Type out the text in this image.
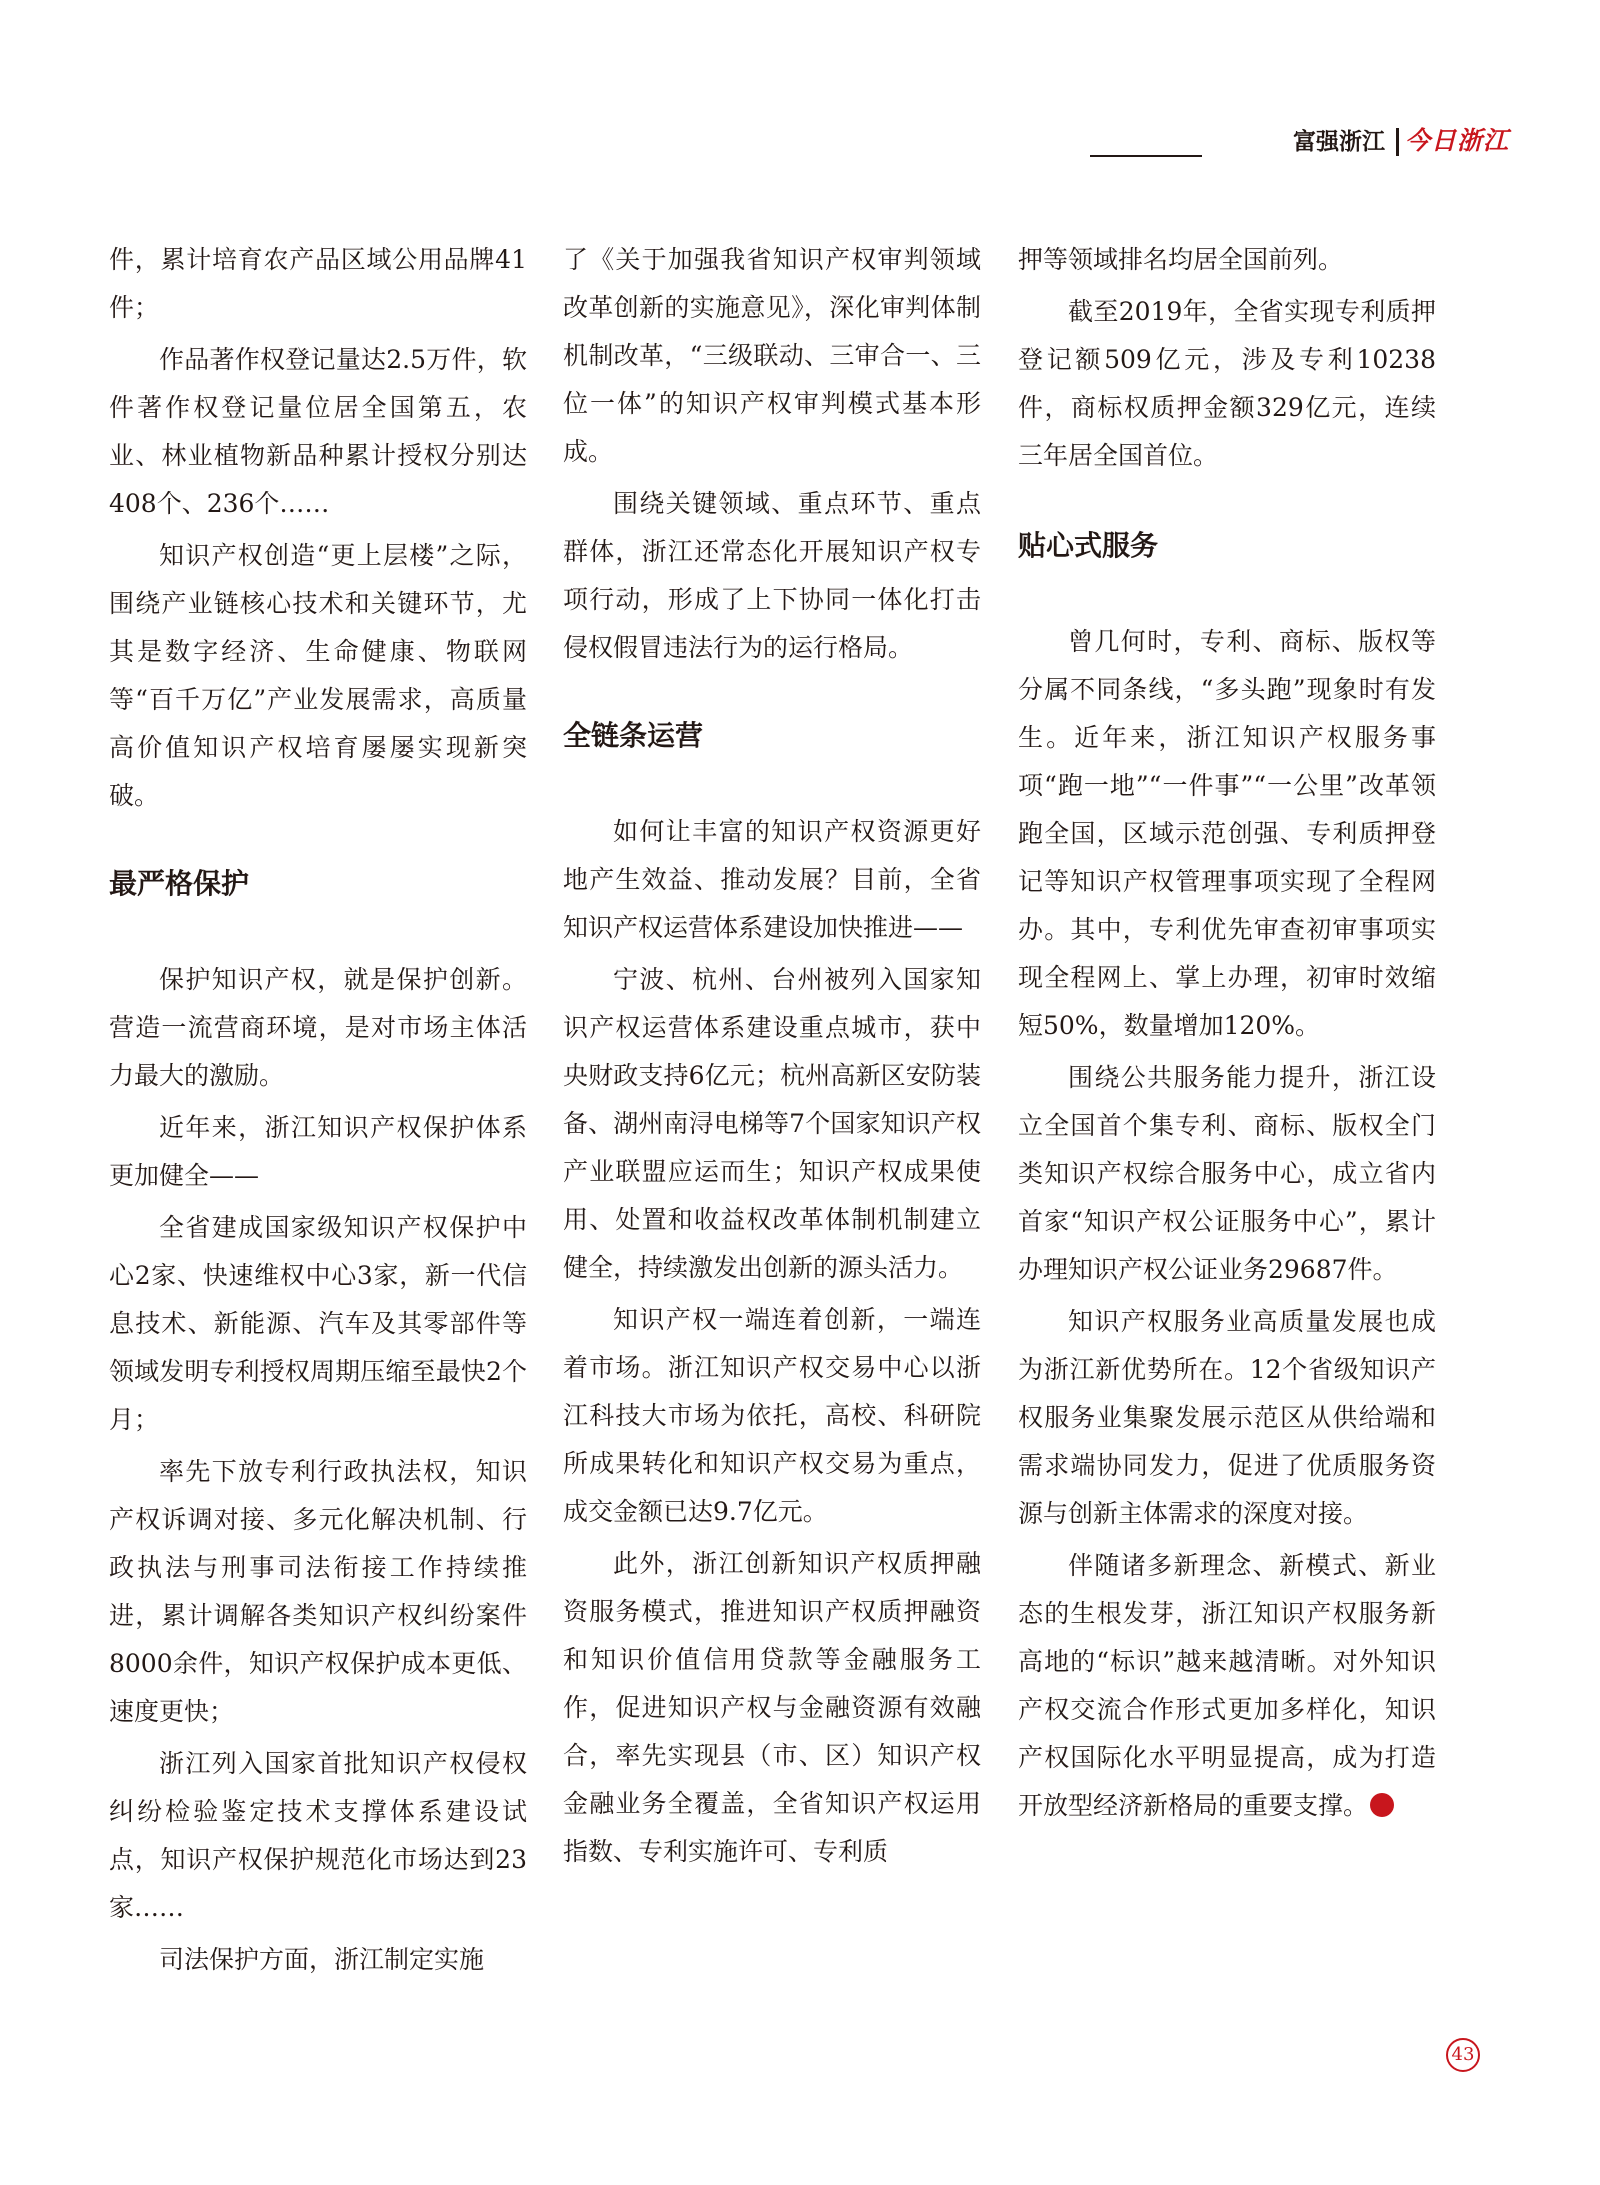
富强浙江 今日浙江

件，累计培育农产品区域公用品牌41件；

作品著作权登记量达2.5万件，软件著作权登记量位居全国第五，农业、林业植物新品种累计授权分别达408个、236个……

知识产权创造“更上层楼”之际，围绕产业链核心技术和关键环节，尤其是数字经济、生命健康、物联网等“百千万亿”产业发展需求，高质量高价值知识产权培育屡屡实现新突破。

最严格保护

保护知识产权，就是保护创新。营造一流营商环境，是对市场主体活力最大的激励。

近年来，浙江知识产权保护体系更加健全——

全省建成国家级知识产权保护中心2家、快速维权中心3家，新一代信息技术、新能源、汽车及其零部件等领域发明专利授权周期压缩至最快2个月；

率先下放专利行政执法权，知识产权诉调对接、多元化解决机制、行政执法与刑事司法衔接工作持续推进，累计调解各类知识产权纠纷案件8000余件，知识产权保护成本更低、速度更快；

浙江列入国家首批知识产权侵权纠纷检验鉴定技术支撑体系建设试点，知识产权保护规范化市场达到23家……

司法保护方面，浙江制定实施

了《关于加强我省知识产权审判领域改革创新的实施意见》，深化审判体制机制改革，“三级联动、三审合一、三位一体”的知识产权审判模式基本形成。

围绕关键领域、重点环节、重点群体，浙江还常态化开展知识产权专项行动，形成了上下协同一体化打击侵权假冒违法行为的运行格局。

全链条运营

如何让丰富的知识产权资源更好地产生效益、推动发展？目前，全省知识产权运营体系建设加快推进——

宁波、杭州、台州被列入国家知识产权运营体系建设重点城市，获中央财政支持6亿元；杭州高新区安防装备、湖州南浔电梯等7个国家知识产权产业联盟应运而生；知识产权成果使用、处置和收益权改革体制机制建立健全，持续激发出创新的源头活力。

知识产权一端连着创新，一端连着市场。浙江知识产权交易中心以浙江科技大市场为依托，高校、科研院所成果转化和知识产权交易为重点，成交金额已达9.7亿元。

此外，浙江创新知识产权质押融资服务模式，推进知识产权质押融资和知识价值信用贷款等金融服务工作，促进知识产权与金融资源有效融合，率先实现县（市、区）知识产权金融业务全覆盖，全省知识产权运用指数、专利实施许可、专利质

押等领域排名均居全国前列。

截至2019年，全省实现专利质押登记额509亿元，涉及专利10238件，商标权质押金额329亿元，连续三年居全国首位。

贴心式服务

曾几何时，专利、商标、版权等分属不同条线，“多头跑”现象时有发生。近年来，浙江知识产权服务事项“跑一地”“一件事”“一公里”改革领跑全国，区域示范创强、专利质押登记等知识产权管理事项实现了全程网办。其中，专利优先审查初审事项实现全程网上、掌上办理，初审时效缩短50%，数量增加120%。

围绕公共服务能力提升，浙江设立全国首个集专利、商标、版权全门类知识产权综合服务中心，成立省内首家“知识产权公证服务中心”，累计办理知识产权公证业务29687件。

知识产权服务业高质量发展也成为浙江新优势所在。12个省级知识产权服务业集聚发展示范区从供给端和需求端协同发力，促进了优质服务资源与创新主体需求的深度对接。

伴随诸多新理念、新模式、新业态的生根发芽，浙江知识产权服务新高地的“标识”越来越清晰。对外知识产权交流合作形式更加多样化，知识产权国际化水平明显提高，成为打造开放型经济新格局的重要支撑。

43
